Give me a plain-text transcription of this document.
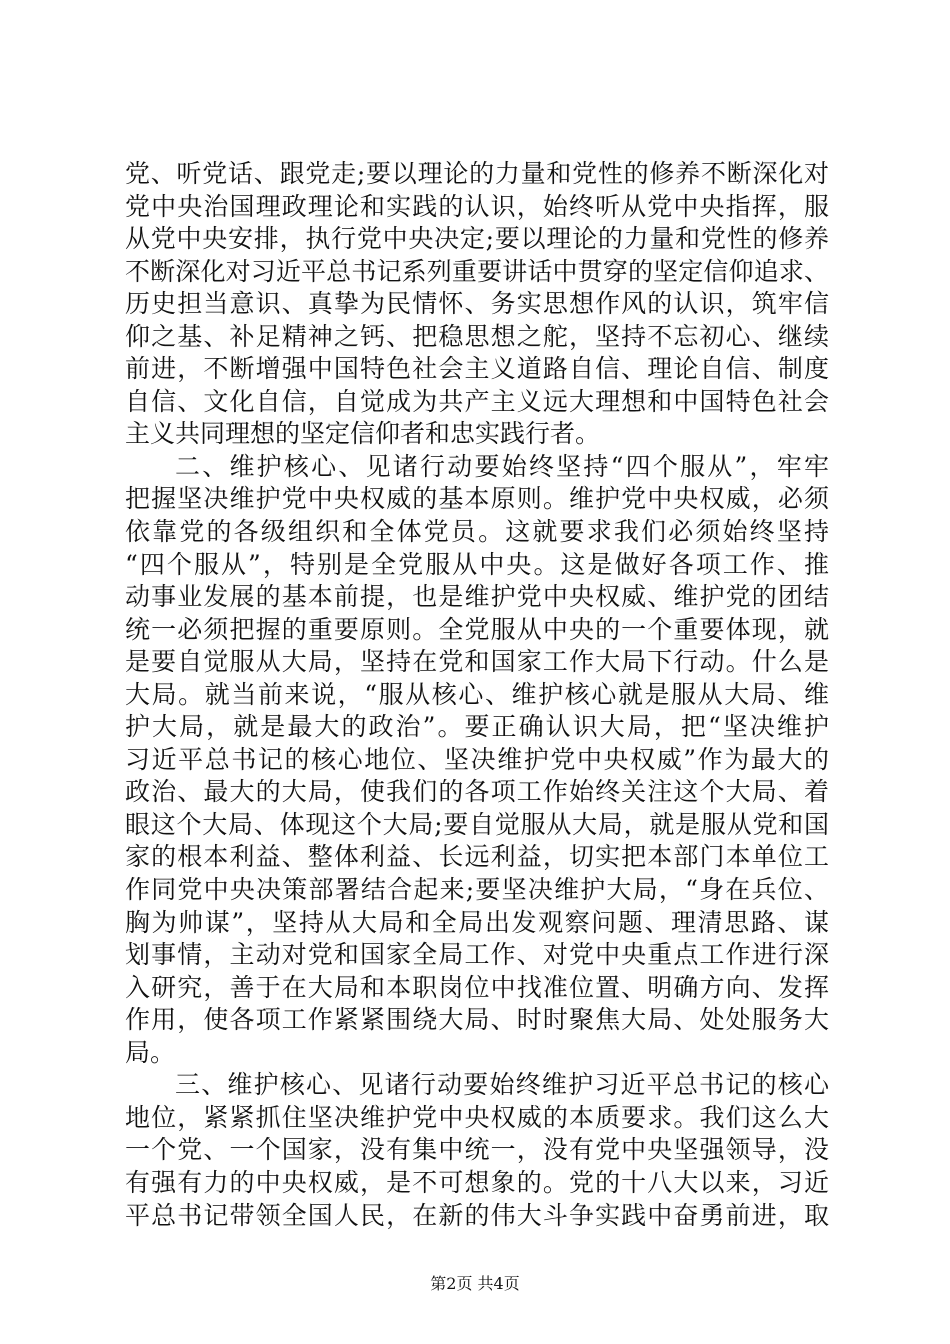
党、听党话、跟党走;要以理论的力量和党性的修养不断深化对
党中央治国理政理论和实践的认识，始终听从党中央指挥，服
从党中央安排，执行党中央决定;要以理论的力量和党性的修养
不断深化对习近平总书记系列重要讲话中贯穿的坚定信仰追求、
历史担当意识、真挚为民情怀、务实思想作风的认识，筑牢信
仰之基、补足精神之钙、把稳思想之舵，坚持不忘初心、继续
前进，不断增强中国特色社会主义道路自信、理论自信、制度
自信、文化自信，自觉成为共产主义远大理想和中国特色社会
主义共同理想的坚定信仰者和忠实践行者。
二、维护核心、见诸行动要始终坚持“四个服从”，牢牢
把握坚决维护党中央权威的基本原则。维护党中央权威，必须
依靠党的各级组织和全体党员。这就要求我们必须始终坚持
“四个服从”，特别是全党服从中央。这是做好各项工作、推
动事业发展的基本前提，也是维护党中央权威、维护党的团结
统一必须把握的重要原则。全党服从中央的一个重要体现，就
是要自觉服从大局，坚持在党和国家工作大局下行动。什么是
大局。就当前来说，“服从核心、维护核心就是服从大局、维
护大局，就是最大的政治”。要正确认识大局，把“坚决维护
习近平总书记的核心地位、坚决维护党中央权威”作为最大的
政治、最大的大局，使我们的各项工作始终关注这个大局、着
眼这个大局、体现这个大局;要自觉服从大局，就是服从党和国
家的根本利益、整体利益、长远利益，切实把本部门本单位工
作同党中央决策部署结合起来;要坚决维护大局，“身在兵位、
胸为帅谋”，坚持从大局和全局出发观察问题、理清思路、谋
划事情，主动对党和国家全局工作、对党中央重点工作进行深
入研究，善于在大局和本职岗位中找准位置、明确方向、发挥
作用，使各项工作紧紧围绕大局、时时聚焦大局、处处服务大
局。
三、维护核心、见诸行动要始终维护习近平总书记的核心
地位，紧紧抓住坚决维护党中央权威的本质要求。我们这么大
一个党、一个国家，没有集中统一，没有党中央坚强领导，没
有强有力的中央权威，是不可想象的。党的十八大以来，习近
平总书记带领全国人民，在新的伟大斗争实践中奋勇前进，取
第2页 共4页
